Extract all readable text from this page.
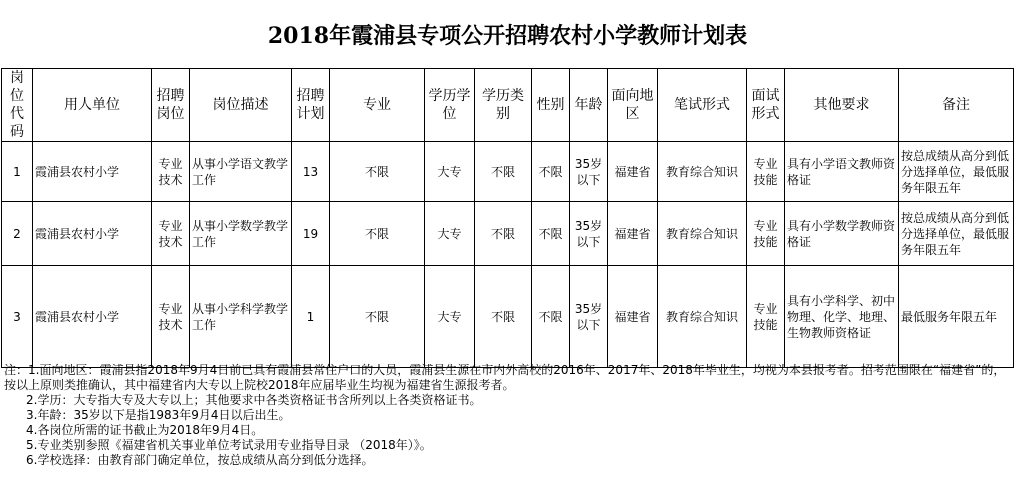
2018年霞浦县专项公开招聘农村小学教师计划表
岗位代码	用人单位	招聘岗位	岗位描述	招聘计划	专业	学历学位	学历类别	性别	年龄	面向地区	笔试形式	面试形式	其他要求	备注
1	霞浦县农村小学	专业技术	从事小学语文教学工作	13	不限	大专	不限	不限	35岁以下	福建省	教育综合知识	专业技能	具有小学语文教师资格证	按总成绩从高分到低分选择单位，最低服务年限五年
2	霞浦县农村小学	专业技术	从事小学数学教学工作	19	不限	大专	不限	不限	35岁以下	福建省	教育综合知识	专业技能	具有小学数学教师资格证	按总成绩从高分到低分选择单位，最低服务年限五年
3	霞浦县农村小学	专业技术	从事小学科学教学工作	1	不限	大专	不限	不限	35岁以下	福建省	教育综合知识	专业技能	具有小学科学、初中物理、化学、地理、生物教师资格证	最低服务年限五年
注：1.面向地区：霞浦县指2018年9月4日前已具有霞浦县常住户口的人员，霞浦县生源在市内外高校的2016年、2017年、2018年毕业生，均视为本县报考者。招考范围限在“福建省”的，按以上原则类推确认，其中福建省内大专以上院校2018年应届毕业生均视为福建省生源报考者。
2.学历：大专指大专及大专以上；其他要求中各类资格证书含所列以上各类资格证书。
3.年龄：35岁以下是指1983年9月4日以后出生。
4.各岗位所需的证书截止为2018年9月4日。
5.专业类别参照《福建省机关事业单位考试录用专业指导目录 （2018年）》。
6.学校选择：由教育部门确定单位，按总成绩从高分到低分选择。
